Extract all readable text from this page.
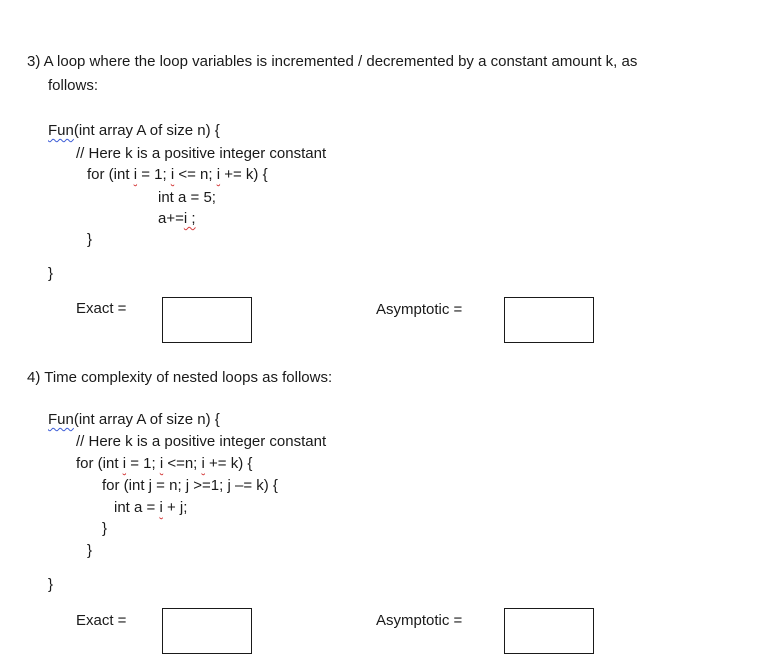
3) A loop where the loop variables is incremented / decremented by a constant amount k, as
follows:
Fun(int array A of size n) {
// Here k is a positive integer constant
for (int i = 1; i <= n; i += k) {
int a = 5;
a+=i ;
}
}
Exact =	Asymptotic =
4) Time complexity of nested loops as follows:
Fun(int array A of size n) {
// Here k is a positive integer constant
for (int i = 1; i <=n; i += k) {
for (int j = n; j >=1; j –= k) {
int a = i + j;
}
}
}
Exact =	Asymptotic =
